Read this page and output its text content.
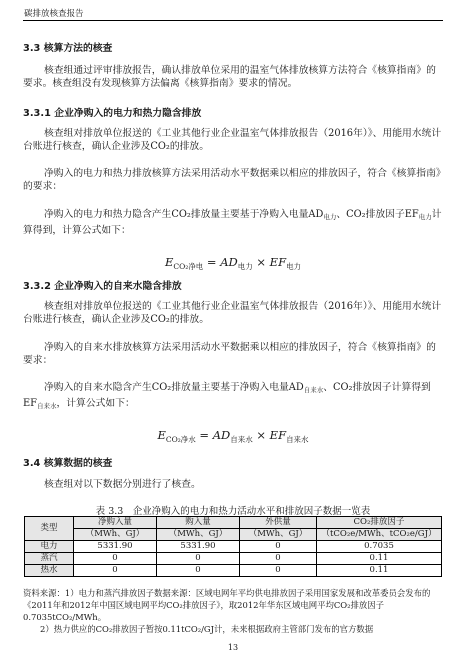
碳排放核查报告
3.3 核算方法的核查
核查组通过评审排放报告，确认排放单位采用的温室气体排放核算方法符合《核算指南》的要求。核查组没有发现核算方法偏离《核算指南》要求的情况。
3.3.1 企业净购入的电力和热力隐含排放
核查组对排放单位报送的《工业其他行业企业温室气体排放报告（2016年）》、用能用水统计台账进行核查，确认企业涉及CO₂的排放。
净购入的电力和热力排放核算方法采用活动水平数据乘以相应的排放因子，符合《核算指南》的要求：
净购入的电力和热力隐含产生CO₂排放量主要基于净购入电量$AD_{电力}$、CO₂排放因子$EF_{电力}$计算得到，计算公式如下：
$E_{CO_2净电} = AD_{电力} \times EF_{电力}$
3.3.2 企业净购入的自来水隐含排放
核查组对排放单位报送的《工业其他行业企业温室气体排放报告（2016年）》、用能用水统计台账进行核查，确认企业涉及CO₂的排放。
净购入的自来水排放核算方法采用活动水平数据乘以相应的排放因子，符合《核算指南》的要求：
净购入的自来水隐含产生CO₂排放量主要基于净购入电量$AD_{自来水}$、CO₂排放因子计算得到$EF_{自来水}$，计算公式如下：
$E_{CO_2净水} = AD_{自来水} \times EF_{自来水}$
3.4 核算数据的核查
核查组对以下数据分别进行了核查。
表 3.3　企业净购入的电力和热力活动水平和排放因子数据一览表
类型	净购入量	购入量	外供量	CO₂排放因子
	（MWh、GJ）	（MWh、GJ）	（MWh、GJ）	（tCO₂e/MWh、tCO₂e/GJ）
电力	5331.90	5331.90	0	0.7035
蒸汽	0	0	0	0.11
热水	0	0	0	0.11
资料来源：1）电力和蒸汽排放因子数据来源：区域电网年平均供电排放因子采用国家发展和改革委员会发布的《2011年和2012年中国区域电网平均CO₂排放因子》，取2012年华东区域电网平均CO₂排放因子0.7035tCO₂/MWh。
2）热力供应的CO₂排放因子暂按0.11tCO₂/GJ计，未来根据政府主管部门发布的官方数据
13
